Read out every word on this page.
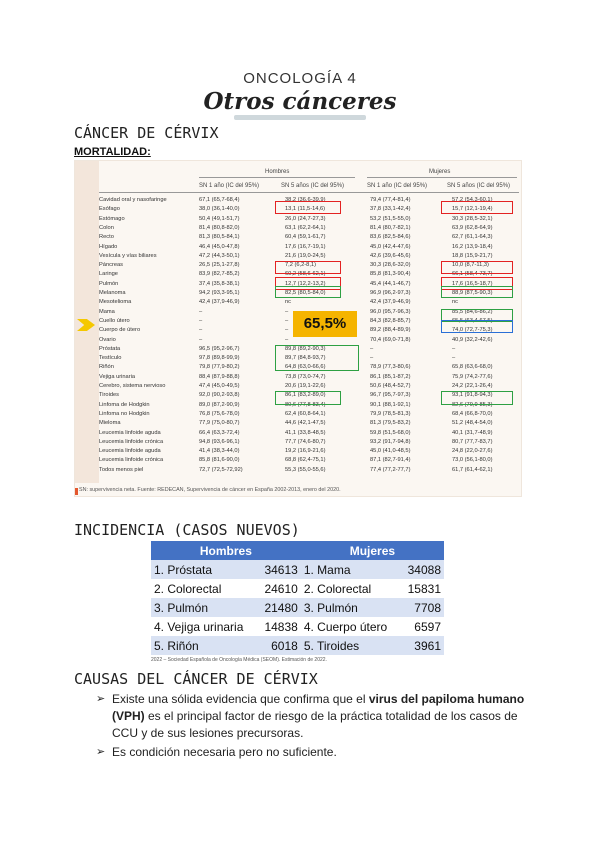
ONCOLOGÍA 4
Otros cánceres
CÁNCER DE CÉRVIX
MORTALIDAD:
Hombres	Mujeres
SN 1 año (IC del 95%)	SN 5 años (IC del 95%)	SN 1 año (IC del 95%)	SN 5 años (IC del 95%)
Cavidad oral y nasofaringe	67,1 (65,7-68,4)	38,2 (36,6-39,9)	79,4 (77,4-81,4)	57,2 (54,3-60,1)
Esófago	38,0 (36,1-40,0)	13,1 (11,5-14,6)	37,8 (33,1-42,4)	15,7 (12,1-19,4)
Estómago	50,4 (49,1-51,7)	26,0 (24,7-27,3)	53,2 (51,5-55,0)	30,3 (28,5-32,1)
Colon	81,4 (80,8-82,0)	63,1 (62,2-64,1)	81,4 (80,7-82,1)	63,9 (62,8-64,9)
Recto	81,3 (80,5-84,1)	60,4 (59,1-61,7)	83,6 (82,5-84,6)	62,7 (61,1-64,3)
Hígado	46,4 (45,0-47,8)	17,6 (16,7-19,1)	45,0 (42,4-47,6)	16,2 (13,9-18,4)
Vesícula y vías biliares	47,2 (44,3-50,1)	21,6 (19,0-24,5)	42,6 (39,6-45,6)	18,8 (15,9-21,7)
Páncreas	26,5 (25,1-27,8)	7,2 (6,2-8,1)	30,3 (28,6-32,0)	10,0 (8,7-11,3)
Laringe	83,9 (82,7-85,2)	60,2 (58,6-62,1)	85,8 (81,3-90,4)	66,1 (58,4-73,7)
Pulmón	37,4 (35,8-38,1)	12,7 (12,2-13,2)	45,4 (44,1-46,7)	17,6 (16,5-18,7)
Melanoma	94,2 (93,3-95,1)	82,5 (80,5-84,0)	96,9 (96,2-97,3)	88,9 (87,5-90,3)
Mesotelioma	42,4 (37,9-46,9)	nc	42,4 (37,9-46,9)	nc
Mama	–	–	96,0 (95,7-96,3)	85,5 (84,6-86,2)
Cuello útero	–	–	84,3 (82,8-85,7)	65,5 (63,4-67,5)
Cuerpo de útero	–	–	89,2 (88,4-89,9)	74,0 (72,7-75,3)
Ovario	–	–	70,4 (69,0-71,8)	40,9 (32,2-42,6)
Próstata	96,5 (95,2-96,7)	89,8 (89,2-90,3)	–	–
Testículo	97,8 (89,8-99,9)	89,7 (84,8-93,7)	–	–
Riñón	79,8 (77,9-80,2)	64,8 (63,0-66,6)	78,9 (77,3-80,6)	65,8 (63,6-68,0)
Vejiga urinaria	88,4 (87,9-88,8)	73,8 (73,0-74,7)	86,1 (85,1-87,2)	75,9 (74,2-77,6)
Cerebro, sistema nervioso	47,4 (45,0-49,5)	20,6 (19,1-22,6)	50,6 (48,4-52,7)	24,2 (22,1-26,4)
Tiroides	92,0 (90,2-93,8)	86,1 (83,2-89,0)	96,7 (95,7-97,3)	93,1 (91,8-94,3)
Linfoma de Hodgkin	89,0 (87,2-90,9)	80,6 (77,8-83,4)	90,1 (88,1-92,1)	82,6 (79,9-85,3)
Linfoma no Hodgkin	76,8 (75,6-78,0)	62,4 (60,8-64,1)	79,9 (78,5-81,3)	68,4 (66,8-70,0)
Mieloma	77,9 (75,0-80,7)	44,6 (42,1-47,5)	81,3 (79,5-83,2)	51,2 (48,4-54,0)
Leucemia linfoide aguda	66,4 (63,3-72,4)	41,1 (33,8-48,5)	59,8 (51,5-68,0)	40,1 (31,7-48,9)
Leucemia linfoide crónica	94,8 (93,6-96,1)	77,7 (74,6-80,7)	93,2 (91,7-94,8)	80,7 (77,7-83,7)
Leucemia linfoide aguda	41,4 (38,3-44,0)	19,2 (16,9-21,6)	45,0 (41,0-48,5)	24,8 (22,0-27,6)
Leucemia linfoide crónica	85,8 (81,6-90,0)	68,8 (62,4-75,1)	87,1 (82,7-91,4)	73,0 (56,1-80,0)
Todos menos piel	72,7 (72,5-72,92)	55,3 (55,0-55,6)	77,4 (77,2-77,7)	61,7 (61,4-62,1)
65,5%
SN: supervivencia neta. Fuente: REDECAN, Supervivencia de cáncer en España 2002-2013, enero del 2020.
INCIDENCIA (CASOS NUEVOS)
Hombres		Mujeres	
1. Próstata	34613	1. Mama	34088
2. Colorectal	24610	2. Colorectal	15831
3. Pulmón	21480	3. Pulmón	7708
4. Vejiga urinaria	14838	4. Cuerpo útero	6597
5. Riñón	6018	5. Tiroides	3961
2022 – Sociedad Española de Oncología Médica (SEOM). Estimación de 2022.
CAUSAS DEL CÁNCER DE CÉRVIX
➢ Existe una sólida evidencia que confirma que el virus del papiloma humano (VPH) es el principal factor de riesgo de la práctica totalidad de los casos de CCU y de sus lesiones precursoras.
➢ Es condición necesaria pero no suficiente.
